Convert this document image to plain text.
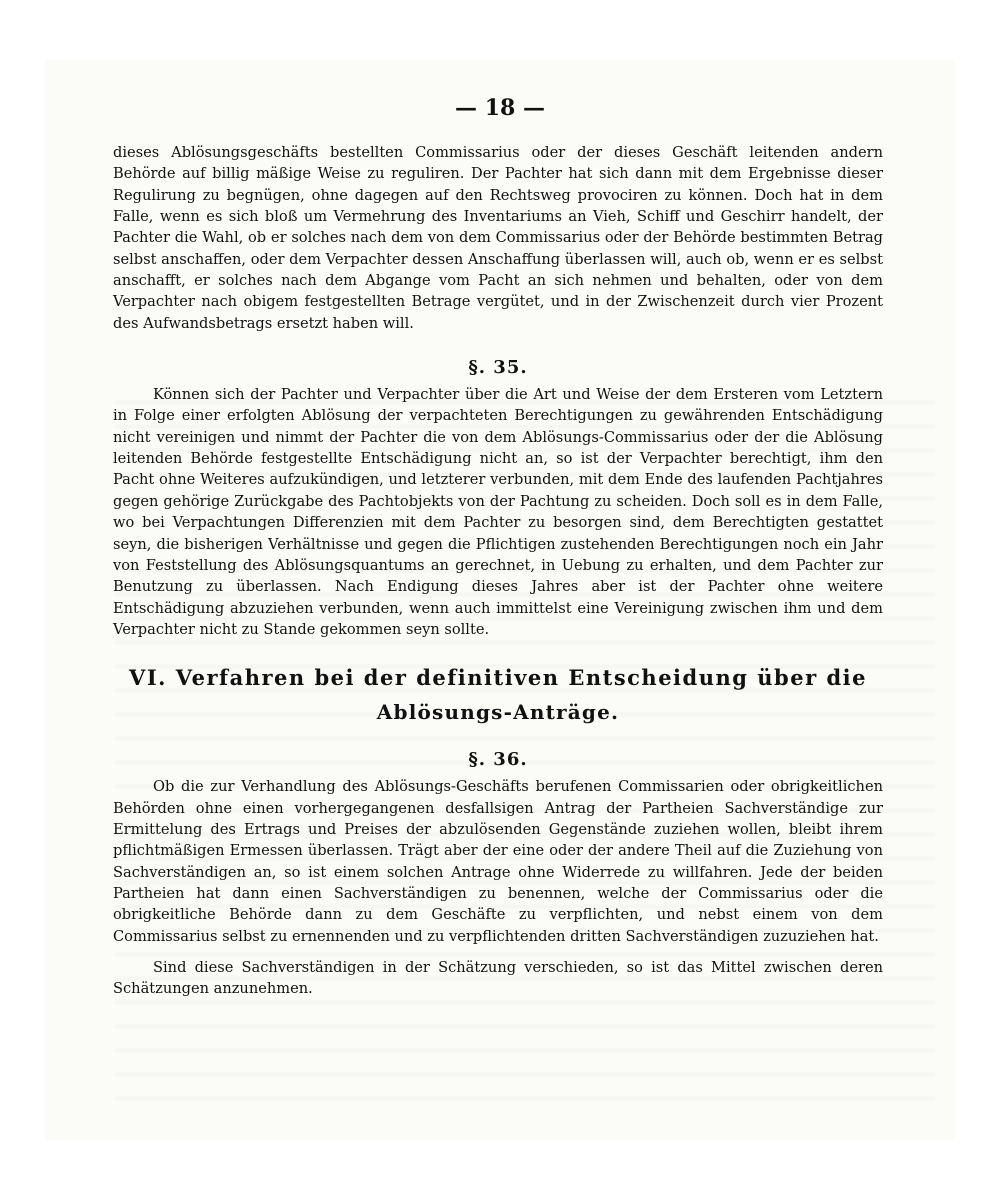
— 18 —

dieses Ablösungsgeschäfts bestellten Commissarius oder der dieses Geschäft leitenden andern Behörde auf billig mäßige Weise zu reguliren. Der Pachter hat sich dann mit dem Ergebnisse dieser Regulirung zu begnügen, ohne dagegen auf den Rechtsweg provociren zu können. Doch hat in dem Falle, wenn es sich bloß um Vermehrung des Inventariums an Vieh, Schiff und Geschirr handelt, der Pachter die Wahl, ob er solches nach dem von dem Commissarius oder der Behörde bestimmten Betrag selbst anschaffen, oder dem Verpachter dessen Anschaffung überlassen will, auch ob, wenn er es selbst anschafft, er solches nach dem Abgange vom Pacht an sich nehmen und behalten, oder von dem Verpachter nach obigem festgestellten Betrage vergütet, und in der Zwischenzeit durch vier Prozent des Aufwandsbetrags ersetzt haben will.

§. 35.

Können sich der Pachter und Verpachter über die Art und Weise der dem Ersteren vom Letztern in Folge einer erfolgten Ablösung der verpachteten Berechtigungen zu gewährenden Entschädigung nicht vereinigen und nimmt der Pachter die von dem Ablösungs-Commissarius oder der die Ablösung leitenden Behörde festgestellte Entschädigung nicht an, so ist der Verpachter berechtigt, ihm den Pacht ohne Weiteres aufzukündigen, und letzterer verbunden, mit dem Ende des laufenden Pachtjahres gegen gehörige Zurückgabe des Pachtobjekts von der Pachtung zu scheiden. Doch soll es in dem Falle, wo bei Verpachtungen Differenzien mit dem Pachter zu besorgen sind, dem Berechtigten gestattet seyn, die bisherigen Verhältnisse und gegen die Pflichtigen zustehenden Berechtigungen noch ein Jahr von Feststellung des Ablösungsquantums an gerechnet, in Uebung zu erhalten, und dem Pachter zur Benutzung zu überlassen. Nach Endigung dieses Jahres aber ist der Pachter ohne weitere Entschädigung abzuziehen verbunden, wenn auch immittelst eine Vereinigung zwischen ihm und dem Verpachter nicht zu Stande gekommen seyn sollte.

VI. Verfahren bei der definitiven Entscheidung über die
Ablösungs-Anträge.
§. 36.

Ob die zur Verhandlung des Ablösungs-Geschäfts berufenen Commissarien oder obrigkeitlichen Behörden ohne einen vorhergegangenen desfallsigen Antrag der Partheien Sachverständige zur Ermittelung des Ertrags und Preises der abzulösenden Gegenstände zuziehen wollen, bleibt ihrem pflichtmäßigen Ermessen überlassen. Trägt aber der eine oder der andere Theil auf die Zuziehung von Sachverständigen an, so ist einem solchen Antrage ohne Widerrede zu willfahren. Jede der beiden Partheien hat dann einen Sachverständigen zu benennen, welche der Commissarius oder die obrigkeitliche Behörde dann zu dem Geschäfte zu verpflichten, und nebst einem von dem Commissarius selbst zu ernennenden und zu verpflichtenden dritten Sachverständigen zuzuziehen hat.

Sind diese Sachverständigen in der Schätzung verschieden, so ist das Mittel zwischen deren Schätzungen anzunehmen.
